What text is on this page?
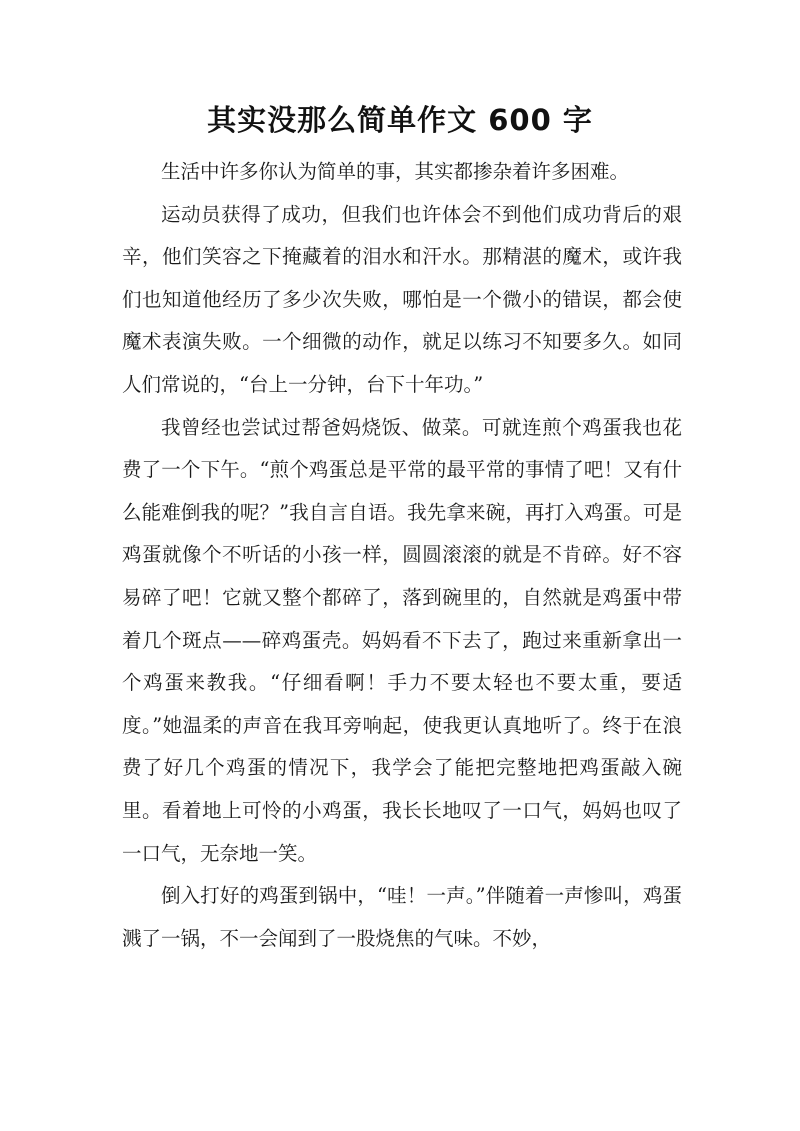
其实没那么简单作文 600 字

生活中许多你认为简单的事，其实都掺杂着许多困难。

运动员获得了成功，但我们也许体会不到他们成功背后的艰辛，他们笑容之下掩藏着的泪水和汗水。那精湛的魔术，或许我们也知道他经历了多少次失败，哪怕是一个微小的错误，都会使魔术表演失败。一个细微的动作，就足以练习不知要多久。如同人们常说的，“台上一分钟，台下十年功。”

我曾经也尝试过帮爸妈烧饭、做菜。可就连煎个鸡蛋我也花费了一个下午。“煎个鸡蛋总是平常的最平常的事情了吧！又有什么能难倒我的呢？”我自言自语。我先拿来碗，再打入鸡蛋。可是鸡蛋就像个不听话的小孩一样，圆圆滚滚的就是不肯碎。好不容易碎了吧！它就又整个都碎了，落到碗里的，自然就是鸡蛋中带着几个斑点——碎鸡蛋壳。妈妈看不下去了，跑过来重新拿出一个鸡蛋来教我。“仔细看啊！手力不要太轻也不要太重，要适度。”她温柔的声音在我耳旁响起，使我更认真地听了。终于在浪费了好几个鸡蛋的情况下，我学会了能把完整地把鸡蛋敲入碗里。看着地上可怜的小鸡蛋，我长长地叹了一口气，妈妈也叹了一口气，无奈地一笑。

倒入打好的鸡蛋到锅中，“哇！一声。”伴随着一声惨叫，鸡蛋溅了一锅，不一会闻到了一股烧焦的气味。不妙，
